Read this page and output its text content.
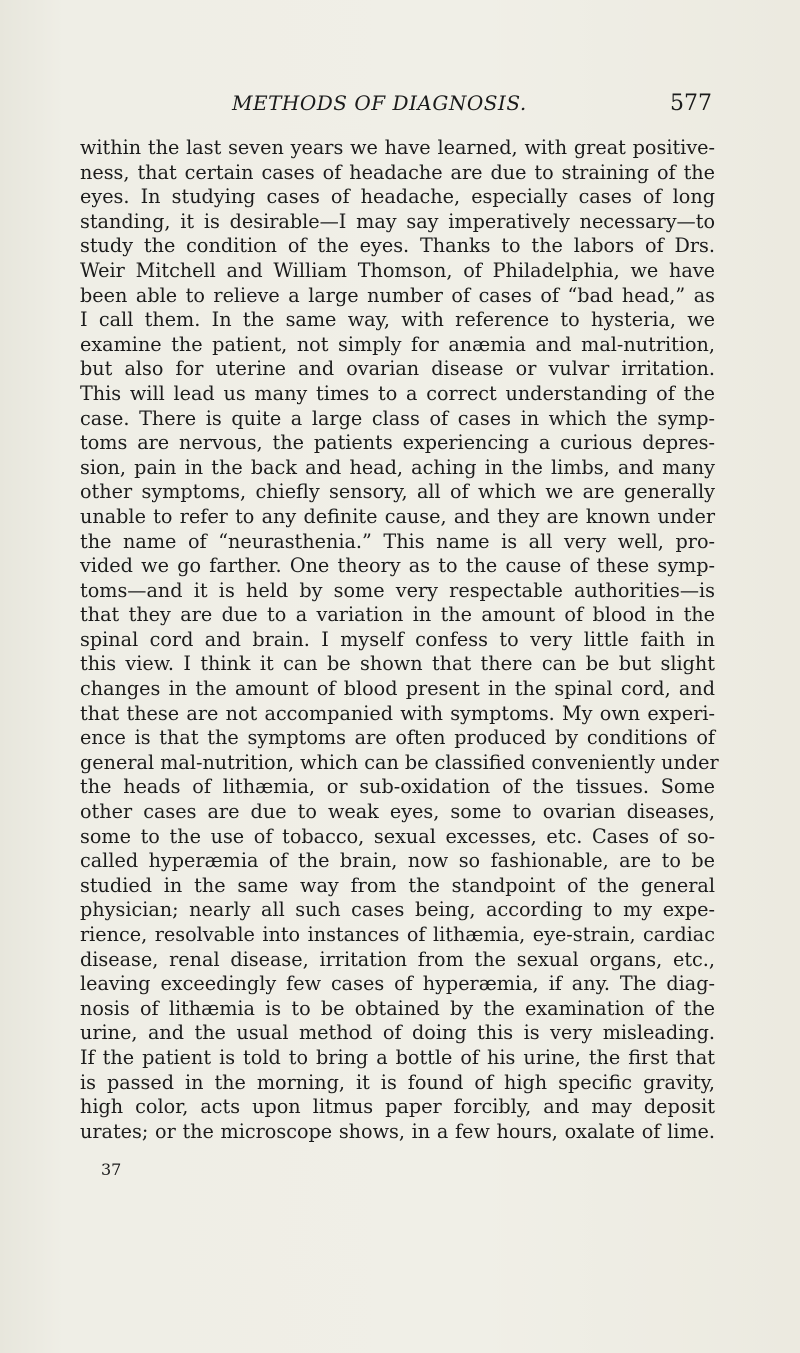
METHODS OF DIAGNOSIS.	577
within the last seven years we have learned, with great positive-
ness, that certain cases of headache are due to straining of the
eyes. In studying cases of headache, especially cases of long
standing, it is desirable—I may say imperatively necessary—to
study the condition of the eyes. Thanks to the labors of Drs.
Weir Mitchell and William Thomson, of Philadelphia, we have
been able to relieve a large number of cases of “bad head,” as
I call them. In the same way, with reference to hysteria, we
examine the patient, not simply for anæmia and mal-nutrition,
but also for uterine and ovarian disease or vulvar irritation.
This will lead us many times to a correct understanding of the
case. There is quite a large class of cases in which the symp-
toms are nervous, the patients experiencing a curious depres-
sion, pain in the back and head, aching in the limbs, and many
other symptoms, chiefly sensory, all of which we are generally
unable to refer to any definite cause, and they are known under
the name of “neurasthenia.” This name is all very well, pro-
vided we go farther. One theory as to the cause of these symp-
toms—and it is held by some very respectable authorities—is
that they are due to a variation in the amount of blood in the
spinal cord and brain. I myself confess to very little faith in
this view. I think it can be shown that there can be but slight
changes in the amount of blood present in the spinal cord, and
that these are not accompanied with symptoms. My own experi-
ence is that the symptoms are often produced by conditions of
general mal-nutrition, which can be classified conveniently under
the heads of lithæmia, or sub-oxidation of the tissues. Some
other cases are due to weak eyes, some to ovarian diseases,
some to the use of tobacco, sexual excesses, etc. Cases of so-
called hyperæmia of the brain, now so fashionable, are to be
studied in the same way from the standpoint of the general
physician; nearly all such cases being, according to my expe-
rience, resolvable into instances of lithæmia, eye-strain, cardiac
disease, renal disease, irritation from the sexual organs, etc.,
leaving exceedingly few cases of hyperæmia, if any. The diag-
nosis of lithæmia is to be obtained by the examination of the
urine, and the usual method of doing this is very misleading.
If the patient is told to bring a bottle of his urine, the first that
is passed in the morning, it is found of high specific gravity,
high color, acts upon litmus paper forcibly, and may deposit
urates; or the microscope shows, in a few hours, oxalate of lime.
37
